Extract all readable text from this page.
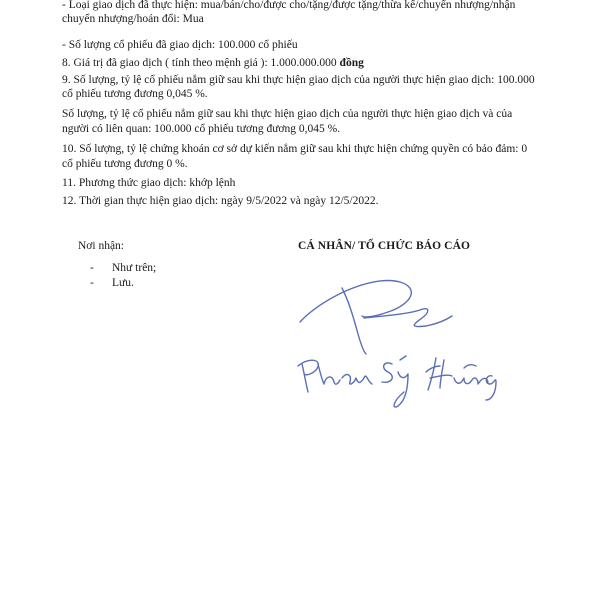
- Loại giao dịch đã thực hiện: mua/bán/cho/được cho/tặng/được tặng/thừa kế/chuyển nhượng/nhận
chuyển nhượng/hoán đổi: Mua
- Số lượng cổ phiếu đã giao dịch: 100.000 cổ phiếu
8. Giá trị đã giao dịch ( tính theo mệnh giá ): 1.000.000.000 đồng
9. Số lượng, tỷ lệ cổ phiếu nắm giữ sau khi thực hiện giao dịch của người thực hiện giao dịch: 100.000
cổ phiếu tương đương 0,045 %.
Số lượng, tỷ lệ cổ phiếu nắm giữ sau khi thực hiện giao dịch của người thực hiện giao dịch và của
người có liên quan: 100.000 cổ phiếu tương đương 0,045 %.
10. Số lượng, tỷ lệ chứng khoán cơ sở dự kiến nắm giữ sau khi thực hiện chứng quyền có bảo đảm: 0
cổ phiếu tương đương 0 %.
11. Phương thức giao dịch: khớp lệnh
12. Thời gian thực hiện giao dịch: ngày 9/5/2022 và ngày 12/5/2022.
Nơi nhận:
- Như trên;
- Lưu.
CÁ NHÂN/ TỔ CHỨC BÁO CÁO
